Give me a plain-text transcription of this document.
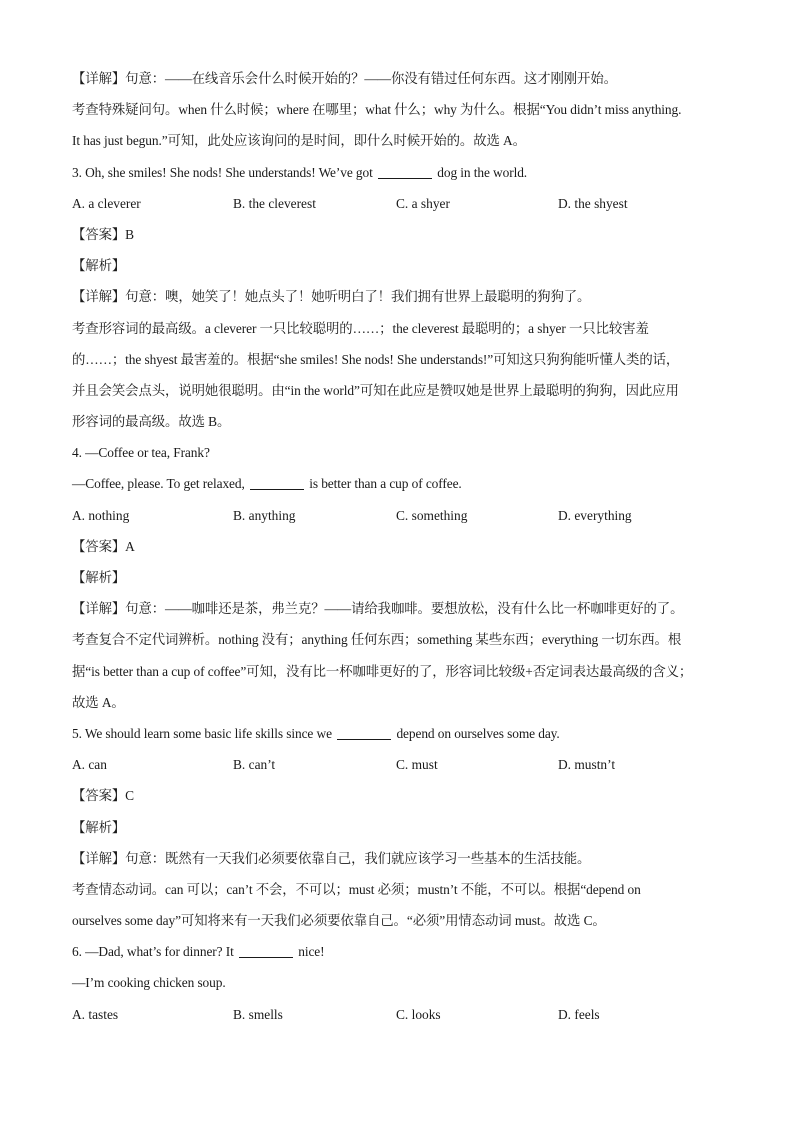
【详解】句意：——在线音乐会什么时候开始的？——你没有错过任何东西。这才刚刚开始。
考查特殊疑问句。when 什么时候；where 在哪里；what 什么；why 为什么。根据“You didn’t miss anything.
It has just begun.”可知，此处应该询问的是时间，即什么时候开始的。故选 A。
3. Oh, she smiles! She nods! She understands! We’ve got	dog in the world.
A. a cleverer	B. the cleverest	C. a shyer	D. the shyest
【答案】B
【解析】
【详解】句意：噢，她笑了！她点头了！她听明白了！我们拥有世界上最聪明的狗狗了。
考查形容词的最高级。a cleverer 一只比较聪明的……；the cleverest 最聪明的；a shyer 一只比较害羞
的……；the shyest 最害羞的。根据“she smiles! She nods! She understands!”可知这只狗狗能听懂人类的话，
并且会笑会点头，说明她很聪明。由“in the world”可知在此应是赞叹她是世界上最聪明的狗狗，因此应用
形容词的最高级。故选 B。
4. —Coffee or tea, Frank?
—Coffee, please. To get relaxed,	is better than a cup of coffee.
A. nothing	B. anything	C. something	D. everything
【答案】A
【解析】
【详解】句意：——咖啡还是茶，弗兰克？——请给我咖啡。要想放松，没有什么比一杯咖啡更好的了。
考查复合不定代词辨析。nothing 没有；anything 任何东西；something 某些东西；everything 一切东西。根
据“is better than a cup of coffee”可知，没有比一杯咖啡更好的了，形容词比较级+否定词表达最高级的含义；
故选 A。
5. We should learn some basic life skills since we	depend on ourselves some day.
A. can	B. can’t	C. must	D. mustn’t
【答案】C
【解析】
【详解】句意：既然有一天我们必须要依靠自己，我们就应该学习一些基本的生活技能。
考查情态动词。can 可以；can’t 不会，不可以；must 必须；mustn’t 不能，不可以。根据“depend on
ourselves some day”可知将来有一天我们必须要依靠自己。“必须”用情态动词 must。故选 C。
6. —Dad, what’s for dinner? It	nice!
—I’m cooking chicken soup.
A. tastes	B. smells	C. looks	D. feels
